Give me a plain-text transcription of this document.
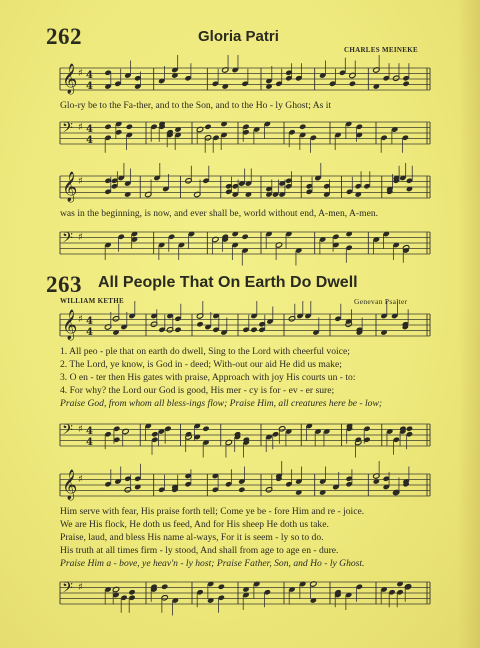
262	Gloria Patri
CHARLES MEINEKE
𝄞 ♯ 4
4
Glo-ry be to the Fa-ther, and to the Son, and to the Ho - ly Ghost; As it
𝄢 ♯ 4
4
𝄞 ♯
was in the beginning, is now, and ever shall be, world without end, A-men, A-men.
𝄢 ♯
263 All People That On Earth Do Dwell
WILLIAM KETHE	Genevan Psalter
𝄞 ♯ 4
4
1. All peo - ple that on earth do dwell, Sing to the Lord with cheerful voice;
2. The Lord, ye know, is God in - deed; With-out our aid He did us make;
3. O en - ter then His gates with praise, Approach with joy His courts un - to:
4. For why? the Lord our God is good, His mer - cy is for - ev - er sure;
Praise God, from whom all bless-ings flow; Praise Him, all creatures here be - low;
𝄢 ♯ 4
4
𝄞 ♯
Him serve with fear, His praise forth tell; Come ye be - fore Him and re - joice.
We are His flock, He doth us feed, And for His sheep He doth us take.
Praise, laud, and bless His name al-ways, For it is seem - ly so to do.
His truth at all times firm - ly stood, And shall from age to age en - dure.
Praise Him a - bove, ye heav'n - ly host; Praise Father, Son, and Ho - ly Ghost.
𝄢 ♯
